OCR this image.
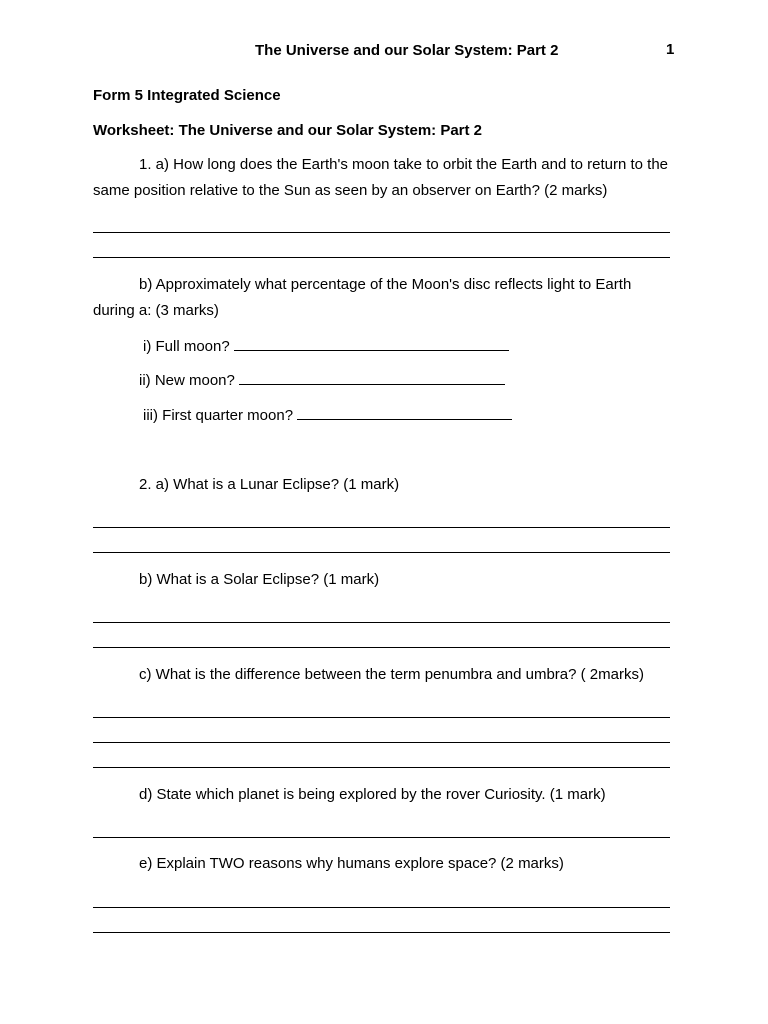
The Universe and our Solar System: Part 2	1
Form 5 Integrated Science
Worksheet: The Universe and our Solar System: Part 2
1. a) How long does the Earth's moon take to orbit the Earth and to return to the same position relative to the Sun as seen by an observer on Earth? (2 marks)
b) Approximately what percentage of the Moon's disc reflects light to Earth during a: (3 marks)
i) Full moon?
ii) New moon?
iii) First quarter moon?
2. a) What is a Lunar Eclipse? (1 mark)
b) What is a Solar Eclipse? (1 mark)
c) What is the difference between the term penumbra and umbra? ( 2marks)
d) State which planet is being explored by the rover Curiosity. (1 mark)
e) Explain TWO reasons why humans explore space? (2 marks)
